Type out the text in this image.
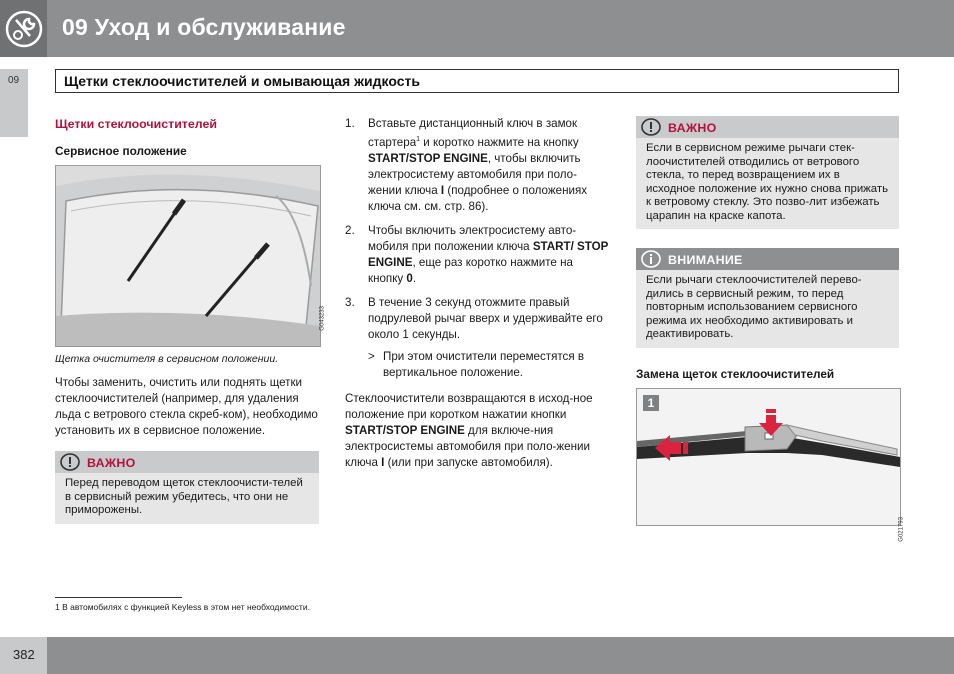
09 Уход и обслуживание
09	Щетки стеклоочистителей и омывающая жидкость
Щетки стеклоочистителей
Сервисное положение
G043233
Щетка очистителя в сервисном положении.

Чтобы заменить, очистить или поднять щетки стеклоочистителей (например, для удаления льда с ветрового стекла скреб-ком), необходимо установить их в сервисное положение.

ВАЖНО
Перед переводом щеток стеклоочисти-телей в сервисный режим убедитесь, что они не приморожены.
1. Вставьте дистанционный ключ в замок стартера$^1$ и коротко нажмите на кнопку START/STOP ENGINE, чтобы включить электросистему автомобиля при поло-жении ключа I (подробнее о положениях ключа см. см. стр. 86).
2. Чтобы включить электросистему авто-мобиля при положении ключа START/ STOP ENGINE, еще раз коротко нажмите на кнопку 0.
3. В течение 3 секунд отожмите правый подрулевой рычаг вверх и удерживайте его около 1 секунды.
> При этом очистители переместятся в вертикальное положение.

Стеклоочистители возвращаются в исход-ное положение при коротком нажатии кнопки START/STOP ENGINE для включе-ния электросистемы автомобиля при поло-жении ключа I (или при запуске автомобиля).

ВАЖНО
Если в сервисном режиме рычаги стек-лоочистителей отводились от ветрового стекла, то перед возвращением их в исходное положение их нужно снова прижать к ветровому стеклу. Это позво-лит избежать царапин на краске капота.
ВНИМАНИЕ
Если рычаги стеклоочистителей перево-дились в сервисный режим, то перед повторным использованием сервисного режима их необходимо активировать и деактивировать.
Замена щеток стеклоочистителей
1
G021793
1 В автомобилях с функцией Keyless в этом нет необходимости.
382
